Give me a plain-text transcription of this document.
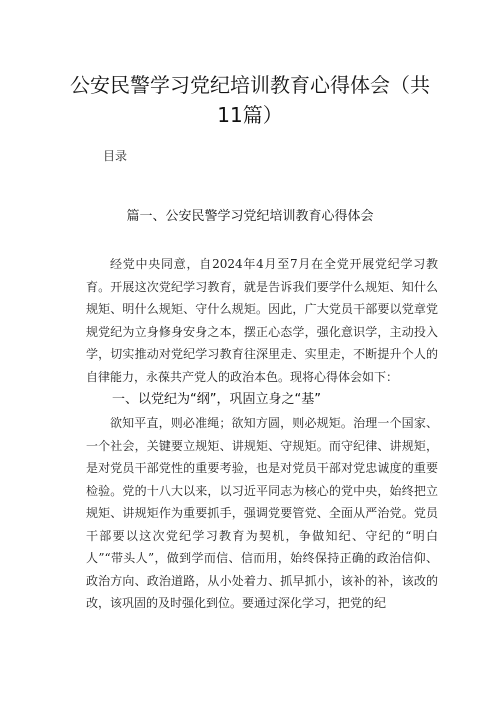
公安民警学习党纪培训教育心得体会（共11篇）
目录
篇一、公安民警学习党纪培训教育心得体会

经党中央同意，自2024年4月至7月在全党开展党纪学习教育。开展这次党纪学习教育，就是告诉我们要学什么规矩、知什么规矩、明什么规矩、守什么规矩。因此，广大党员干部要以党章党规党纪为立身修身安身之本，摆正心态学，强化意识学，主动投入学，切实推动对党纪学习教育往深里走、实里走，不断提升个人的自律能力，永葆共产党人的政治本色。现将心得体会如下：

一、以党纪为“纲”，巩固立身之“基”

欲知平直，则必准绳；欲知方圆，则必规矩。治理一个国家、一个社会，关键要立规矩、讲规矩、守规矩。而守纪律、讲规矩，是对党员干部党性的重要考验，也是对党员干部对党忠诚度的重要检验。党的十八大以来，以习近平同志为核心的党中央，始终把立规矩、讲规矩作为重要抓手，强调党要管党、全面从严治党。党员干部要以这次党纪学习教育为契机，争做知纪、守纪的“明白人”“带头人”，做到学而信、信而用，始终保持正确的政治信仰、政治方向、政治道路，从小处着力、抓早抓小，该补的补，该改的改，该巩固的及时强化到位。要通过深化学习，把党的纪
